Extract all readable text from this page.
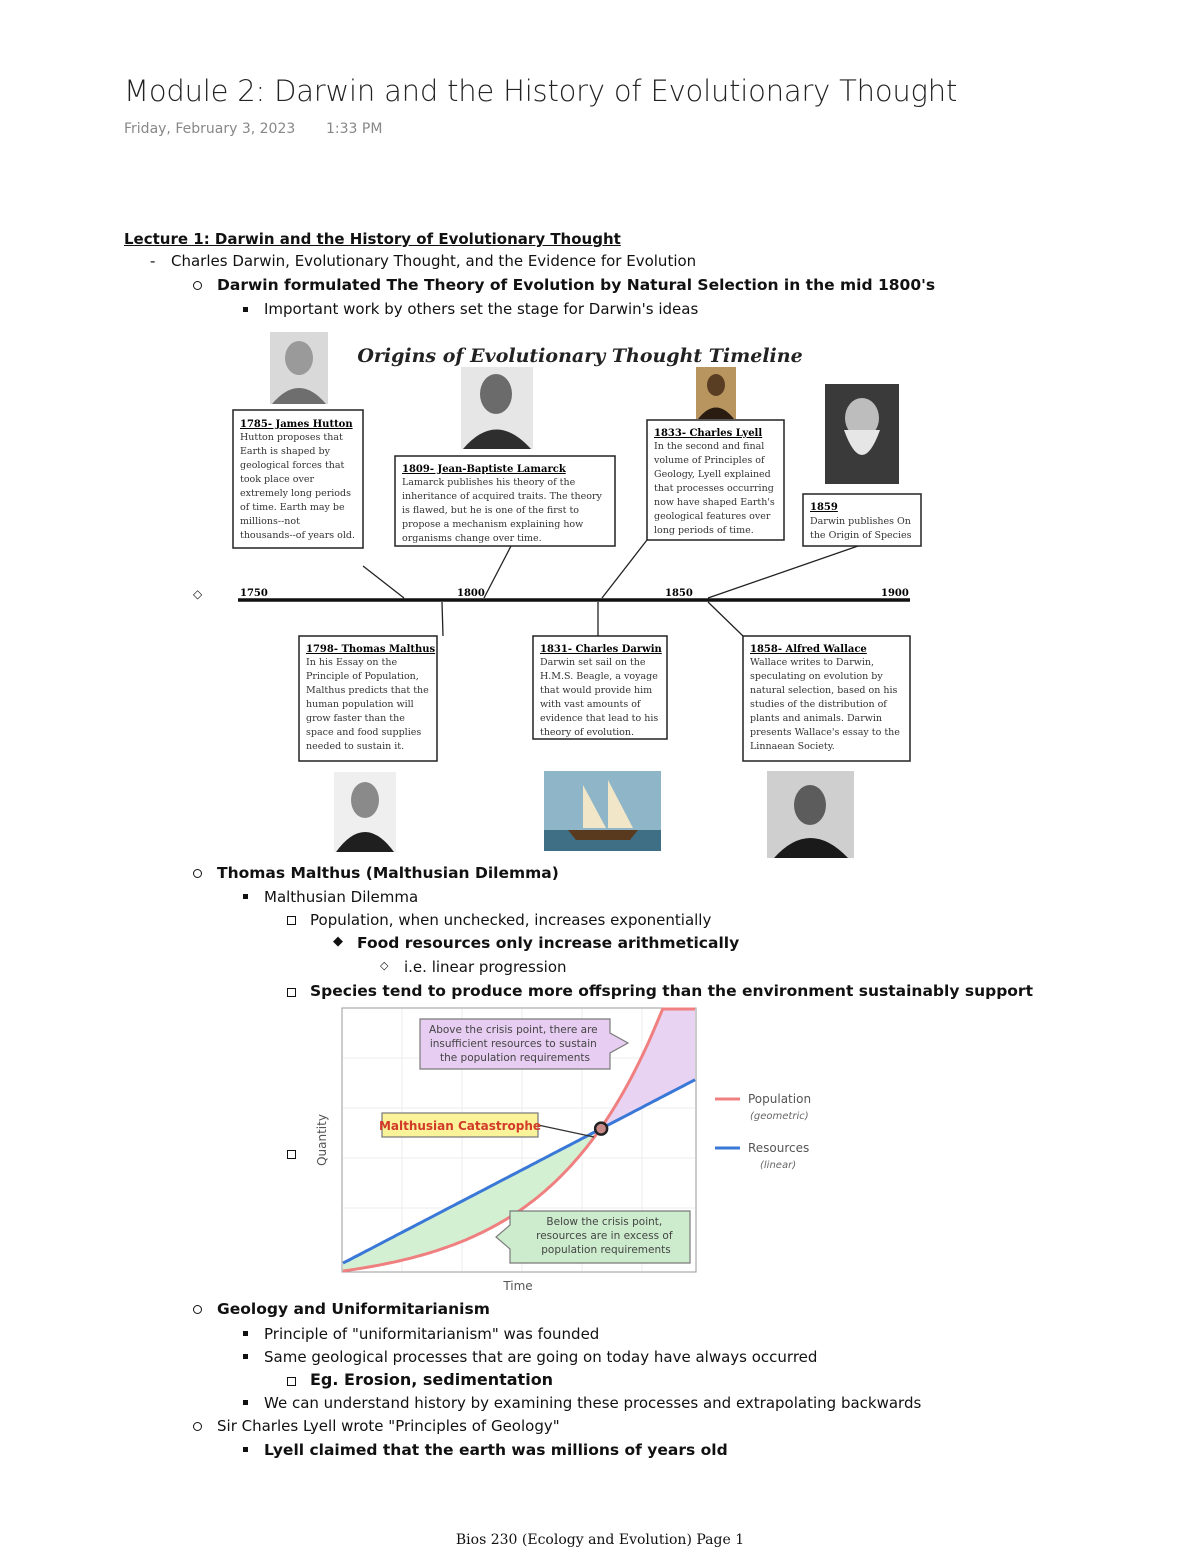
Module 2: Darwin and the History of Evolutionary Thought
Friday, February 3, 2023 1:33 PM
Lecture 1: Darwin and the History of Evolutionary Thought
- Charles Darwin, Evolutionary Thought, and the Evidence for Evolution
Darwin formulated The Theory of Evolution by Natural Selection in the mid 1800's
Important work by others set the stage for Darwin's ideas
◇
Origins of Evolutionary Thought Timeline
1785- James Hutton
Hutton proposes that Earth is shaped by geological forces that took place over extremely long periods of time. Earth may be millions--not thousands--of years old.
1809- Jean-Baptiste Lamarck
Lamarck publishes his theory of the inheritance of acquired traits. The theory is flawed, but he is one of the first to propose a mechanism explaining how organisms change over time.
1833- Charles Lyell
In the second and final volume of Principles of Geology, Lyell explained that processes occurring now have shaped Earth's geological features over long periods of time.
1859
Darwin publishes On the Origin of Species
1750	1800	1850	1900
1798- Thomas Malthus
In his Essay on the Principle of Population, Malthus predicts that the human population will grow faster than the space and food supplies needed to sustain it.
1831- Charles Darwin
Darwin set sail on the H.M.S. Beagle, a voyage that would provide him with vast amounts of evidence that lead to his theory of evolution.
1858- Alfred Wallace
Wallace writes to Darwin, speculating on evolution by natural selection, based on his studies of the distribution of plants and animals. Darwin presents Wallace's essay to the Linnaean Society.
Thomas Malthus (Malthusian Dilemma)
Malthusian Dilemma
Population, when unchecked, increases exponentially
◆ Food resources only increase arithmetically
◇ i.e. linear progression
Species tend to produce more offspring than the environment sustainably support
Above the crisis point, there are insufficient resources to sustain the population requirements
Below the crisis point, resources are in excess of population requirements
Malthusian Catastrophe
Population
(geometric)
Resources
(linear)
Time
Quantity
Geology and Uniformitarianism
Principle of "uniformitarianism" was founded
Same geological processes that are going on today have always occurred
Eg. Erosion, sedimentation
We can understand history by examining these processes and extrapolating backwards
Sir Charles Lyell wrote "Principles of Geology"
Lyell claimed that the earth was millions of years old
Bios 230 (Ecology and Evolution) Page 1
